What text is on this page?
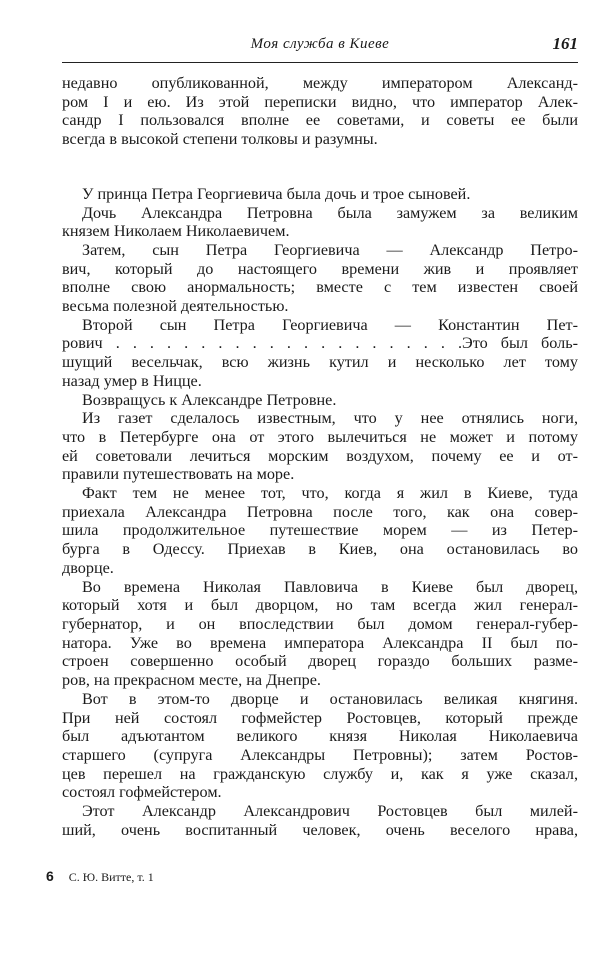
Моя служба в Киеве	161
недавно опубликованной, между императором Александ-
ром I и ею. Из этой переписки видно, что император Алек-
сандр I пользовался вполне ее советами, и советы ее были
всегда в высокой степени толковы и разумны.
У принца Петра Георгиевича была дочь и трое сыновей.
Дочь Александра Петровна была замужем за великим
князем Николаем Николаевичем.
Затем, сын Петра Георгиевича — Александр Петро-
вич, который до настоящего времени жив и проявляет
вполне свою анормальность; вместе с тем известен своей
весьма полезной деятельностью.
Второй сын Петра Георгиевича — Константин Пет-
рович . . . . . . . . . . . . . . . . . . . . .Это был боль-
шущий весельчак, всю жизнь кутил и несколько лет тому
назад умер в Ницце.
Возвращусь к Александре Петровне.
Из газет сделалось известным, что у нее отнялись ноги,
что в Петербурге она от этого вылечиться не может и потому
ей советовали лечиться морским воздухом, почему ее и от-
правили путешествовать на море.
Факт тем не менее тот, что, когда я жил в Киеве, туда
приехала Александра Петровна после того, как она совер-
шила продолжительное путешествие морем — из Петер-
бурга в Одессу. Приехав в Киев, она остановилась во
дворце.
Во времена Николая Павловича в Киеве был дворец,
который хотя и был дворцом, но там всегда жил генерал-
губернатор, и он впоследствии был домом генерал-губер-
натора. Уже во времена императора Александра II был по-
строен совершенно особый дворец гораздо больших разме-
ров, на прекрасном месте, на Днепре.
Вот в этом-то дворце и остановилась великая княгиня.
При ней состоял гофмейстер Ростовцев, который прежде
был адъютантом великого князя Николая Николаевича
старшего (супруга Александры Петровны); затем Ростов-
цев перешел на гражданскую службу и, как я уже сказал,
состоял гофмейстером.
Этот Александр Александрович Ростовцев был милей-
ший, очень воспитанный человек, очень веселого нрава,
6 С. Ю. Витте, т. 1
